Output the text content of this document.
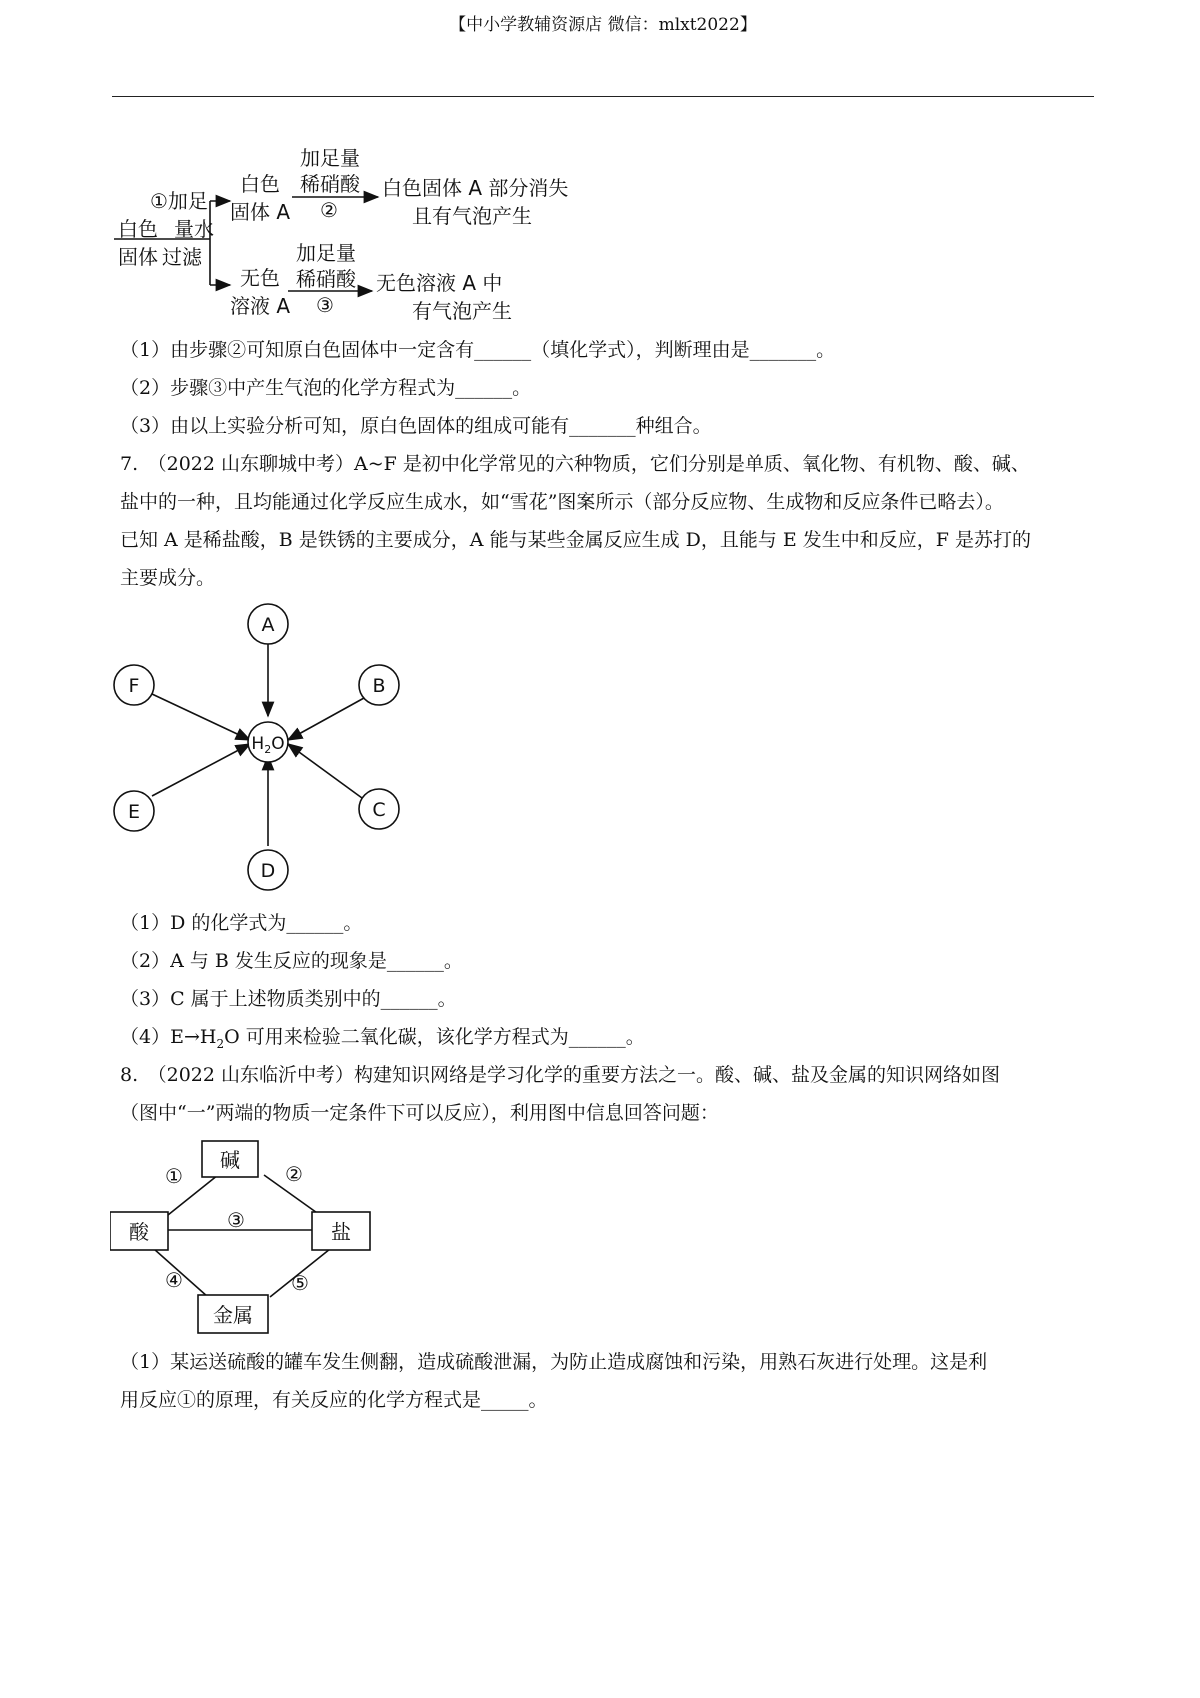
【中小学教辅资源店 微信：mlxt2022】
白色
固体
①加足
量水
过滤
白色
固体 A
无色
溶液 A
加足量
稀硝酸
②
加足量
稀硝酸
③
白色固体 A 部分消失
且有气泡产生
无色溶液 A 中
有气泡产生
（1）由步骤②可知原白色固体中一定含有______（填化学式），判断理由是_______。
（2）步骤③中产生气泡的化学方程式为______。
（3）由以上实验分析可知，原白色固体的组成可能有_______种组合。
7.　（2022 山东聊城中考）A~F 是初中化学常见的六种物质，它们分别是单质、氧化物、有机物、酸、碱、
盐中的一种，且均能通过化学反应生成水，如“雪花”图案所示（部分反应物、生成物和反应条件已略去）。
已知 A 是稀盐酸，B 是铁锈的主要成分，A 能与某些金属反应生成 D，且能与 E 发生中和反应，F 是苏打的
主要成分。
A
F	B
E	C
D
$H_2O$
（1）D 的化学式为______。
（2）A 与 B 发生反应的现象是______。
（3）C 属于上述物质类别中的______。
$(4)E\to H_2O$ 可用来检验二氧化碳，该化学方程式为______。
8.　（2022 山东临沂中考）构建知识网络是学习化学的重要方法之一。酸、碱、盐及金属的知识网络如图
（图中“一”两端的物质一定条件下可以反应），利用图中信息回答问题：
碱
酸	盐
金属
①	②
③
④	⑤
（1）某运送硫酸的罐车发生侧翻，造成硫酸泄漏，为防止造成腐蚀和污染，用熟石灰进行处理。这是利
用反应①的原理，有关反应的化学方程式是_____。
